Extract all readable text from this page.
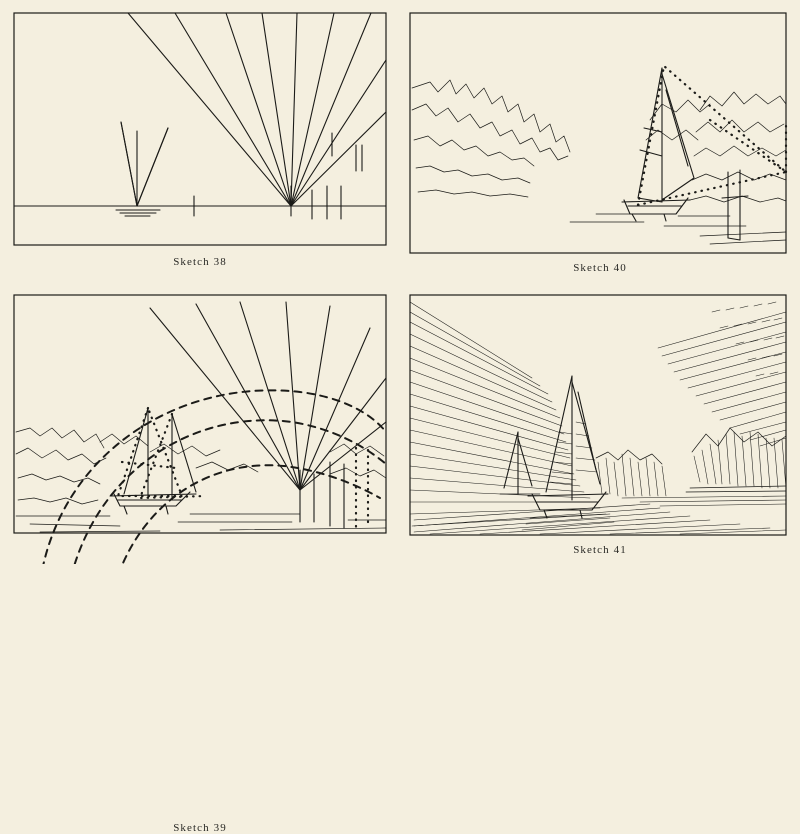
Sketch 38	Sketch 40
Sketch 39
Sketch 41
